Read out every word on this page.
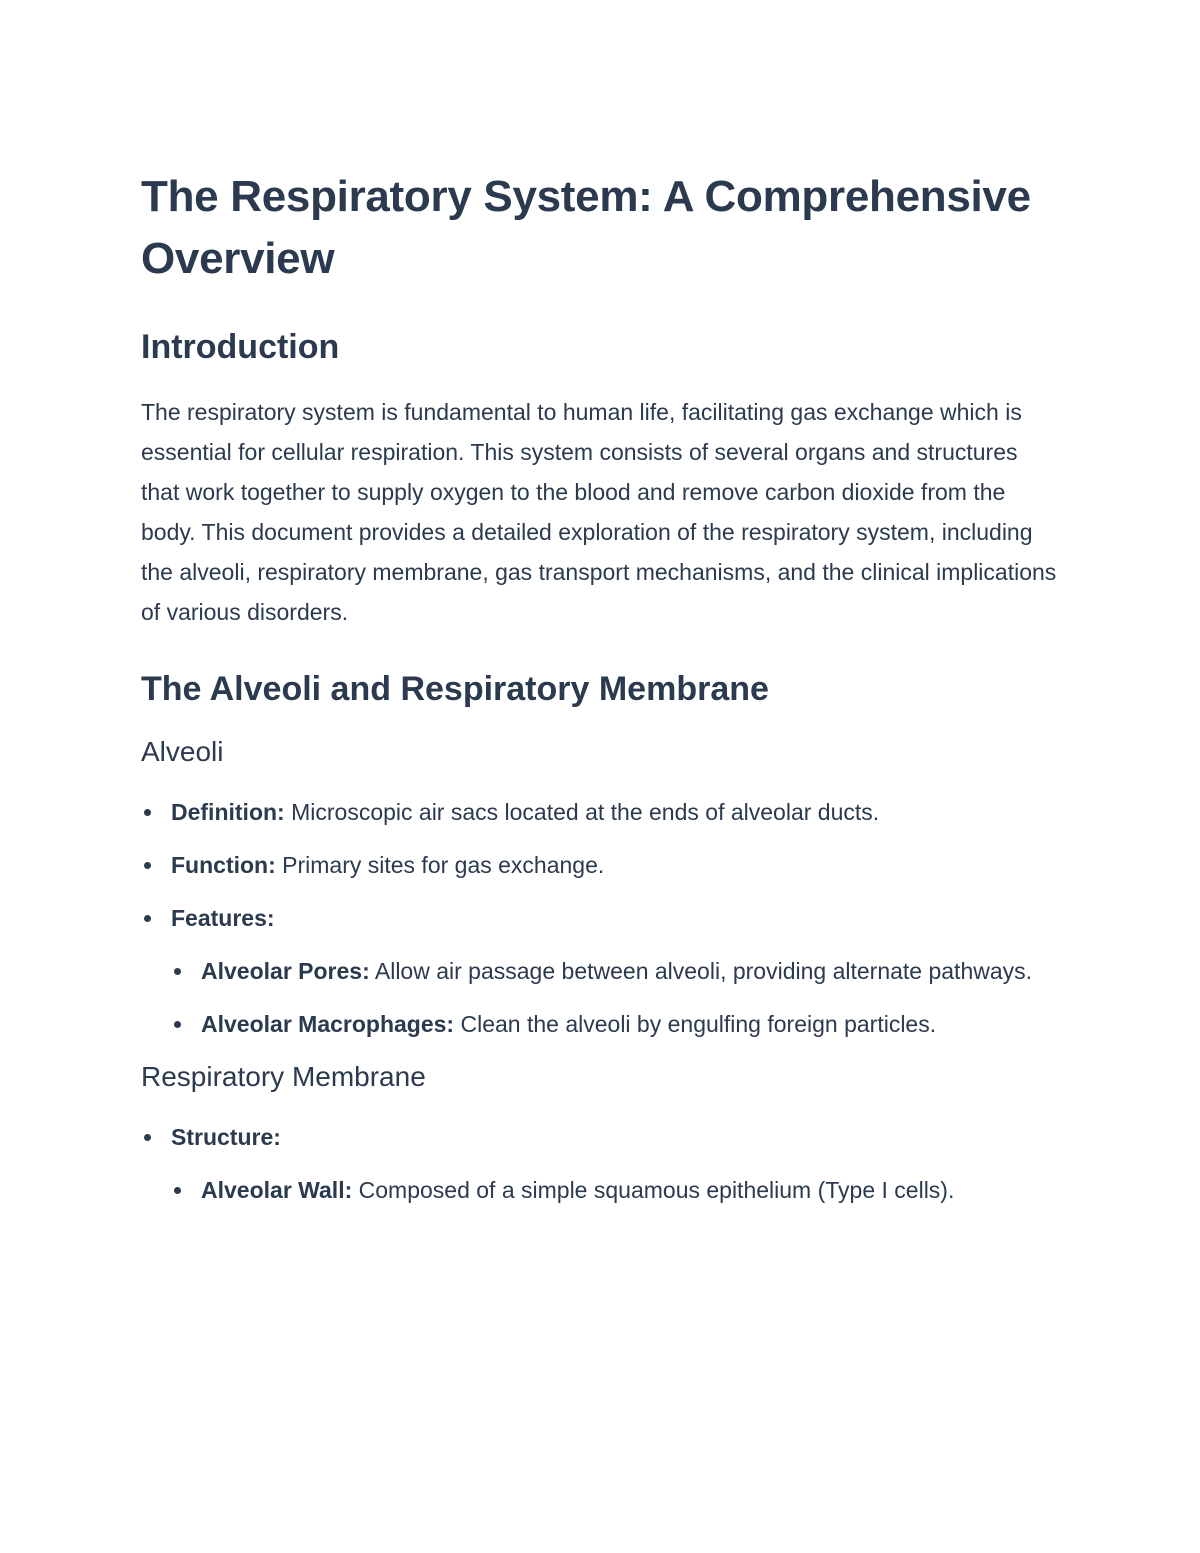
The Respiratory System: A Comprehensive Overview
Introduction

The respiratory system is fundamental to human life, facilitating gas exchange which is essential for cellular respiration. This system consists of several organs and structures that work together to supply oxygen to the blood and remove carbon dioxide from the body. This document provides a detailed exploration of the respiratory system, including the alveoli, respiratory membrane, gas transport mechanisms, and the clinical implications of various disorders.

The Alveoli and Respiratory Membrane
Alveoli
Definition: Microscopic air sacs located at the ends of alveolar ducts.
Function: Primary sites for gas exchange.
Features:
Alveolar Pores: Allow air passage between alveoli, providing alternate pathways.
Alveolar Macrophages: Clean the alveoli by engulfing foreign particles.
Respiratory Membrane
Structure:
Alveolar Wall: Composed of a simple squamous epithelium (Type I cells).
